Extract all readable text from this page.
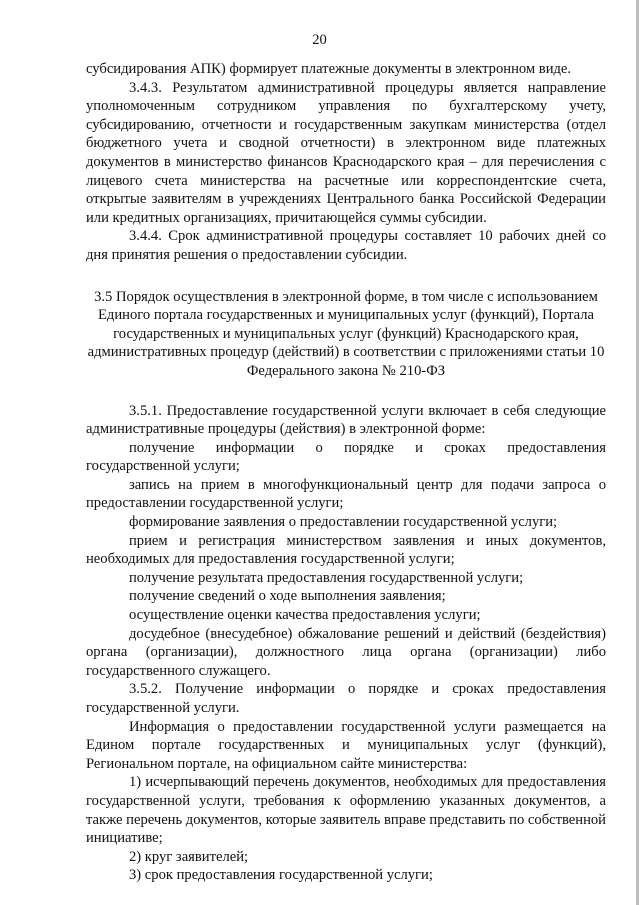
20

субсидирования АПК) формирует платежные документы в электронном виде.

3.4.3. Результатом административной процедуры является направление уполномоченным сотрудником управления по бухгалтерскому учету, субсидированию, отчетности и государственным закупкам министерства (отдел бюджетного учета и сводной отчетности) в электронном виде платежных документов в министерство финансов Краснодарского края – для перечисления с лицевого счета министерства на расчетные или корреспондентские счета, открытые заявителям в учреждениях Центрального банка Российской Федерации или кредитных организациях, причитающейся суммы субсидии.

3.4.4. Срок административной процедуры составляет 10 рабочих дней со дня принятия решения о предоставлении субсидии.

3.5 Порядок осуществления в электронной форме, в том числе с использованием Единого портала государственных и муниципальных услуг (функций), Портала государственных и муниципальных услуг (функций) Краснодарского края, административных процедур (действий) в соответствии с приложениями статьи 10 Федерального закона № 210-ФЗ

3.5.1. Предоставление государственной услуги включает в себя следующие административные процедуры (действия) в электронной форме:

получение информации о порядке и сроках предоставления государственной услуги;

запись на прием в многофункциональный центр для подачи запроса о предоставлении государственной услуги;

формирование заявления о предоставлении государственной услуги;

прием и регистрация министерством заявления и иных документов, необходимых для предоставления государственной услуги;

получение результата предоставления государственной услуги;

получение сведений о ходе выполнения заявления;

осуществление оценки качества предоставления услуги;

досудебное (внесудебное) обжалование решений и действий (бездействия) органа (организации), должностного лица органа (организации) либо государственного служащего.

3.5.2. Получение информации о порядке и сроках предоставления государственной услуги.

Информация о предоставлении государственной услуги размещается на Едином портале государственных и муниципальных услуг (функций), Региональном портале, на официальном сайте министерства:

1) исчерпывающий перечень документов, необходимых для предоставления государственной услуги, требования к оформлению указанных документов, а также перечень документов, которые заявитель вправе представить по собственной инициативе;

2) круг заявителей;

3) срок предоставления государственной услуги;
